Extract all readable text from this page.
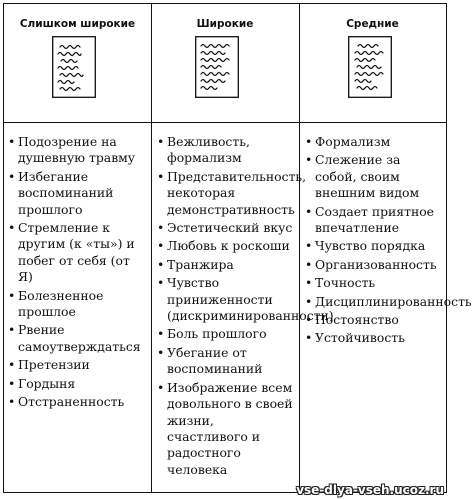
Слишком широкие	Широкие	Средние
• Подозрение на душевную травму
• Избегание воспоминаний прошлого
• Стремление к другим (к «ты») и побег от себя (от Я)
• Болезненное прошлое
• Рвение самоутверждаться
• Претензии
• Гордыня
• Отстраненность
• Вежливость, формализм
• Представительность, некоторая демонстративность
• Эстетический вкус
• Любовь к роскоши
• Транжира
• Чувство приниженности (дискриминированности)
• Боль прошлого
• Убегание от воспоминаний
• Изображение всем довольного в своей жизни, счастливого и радостного человека
• Формализм
• Слежение за собой, своим внешним видом
• Создает приятное впечатление
• Чувство порядка
• Организованность
• Точность
• Дисциплинированность
• Постоянство
• Устойчивость
vse-dlya-vseh.ucoz.ru
